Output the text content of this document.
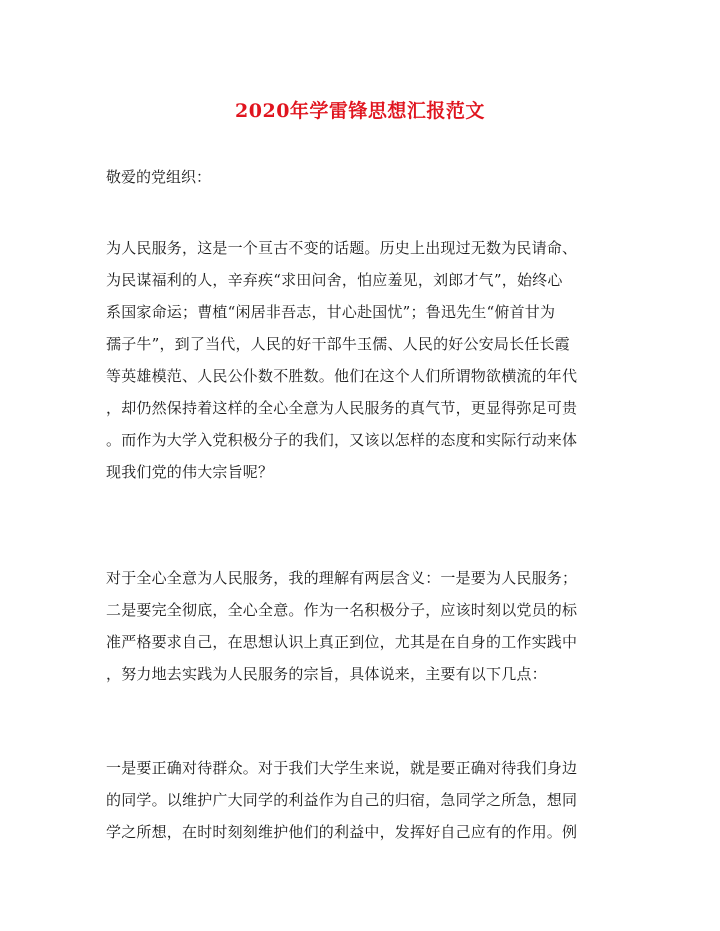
2020年学雷锋思想汇报范文
敬爱的党组织：
为人民服务，这是一个亘古不变的话题。历史上出现过无数为民请命、
为民谋福利的人，辛弃疾“求田问舍，怕应羞见，刘郎才气”，始终心
系国家命运；曹植“闲居非吾志，甘心赴国忧”；鲁迅先生“俯首甘为
孺子牛”，到了当代，人民的好干部牛玉儒、人民的好公安局长任长霞
等英雄模范、人民公仆数不胜数。他们在这个人们所谓物欲横流的年代
，却仍然保持着这样的全心全意为人民服务的真气节，更显得弥足可贵
。而作为大学入党积极分子的我们，又该以怎样的态度和实际行动来体
现我们党的伟大宗旨呢？
对于全心全意为人民服务，我的理解有两层含义：一是要为人民服务；
二是要完全彻底，全心全意。作为一名积极分子，应该时刻以党员的标
准严格要求自己，在思想认识上真正到位，尤其是在自身的工作实践中
，努力地去实践为人民服务的宗旨，具体说来，主要有以下几点：
一是要正确对待群众。对于我们大学生来说，就是要正确对待我们身边
的同学。以维护广大同学的利益作为自己的归宿，急同学之所急，想同
学之所想，在时时刻刻维护他们的利益中，发挥好自己应有的作用。例
